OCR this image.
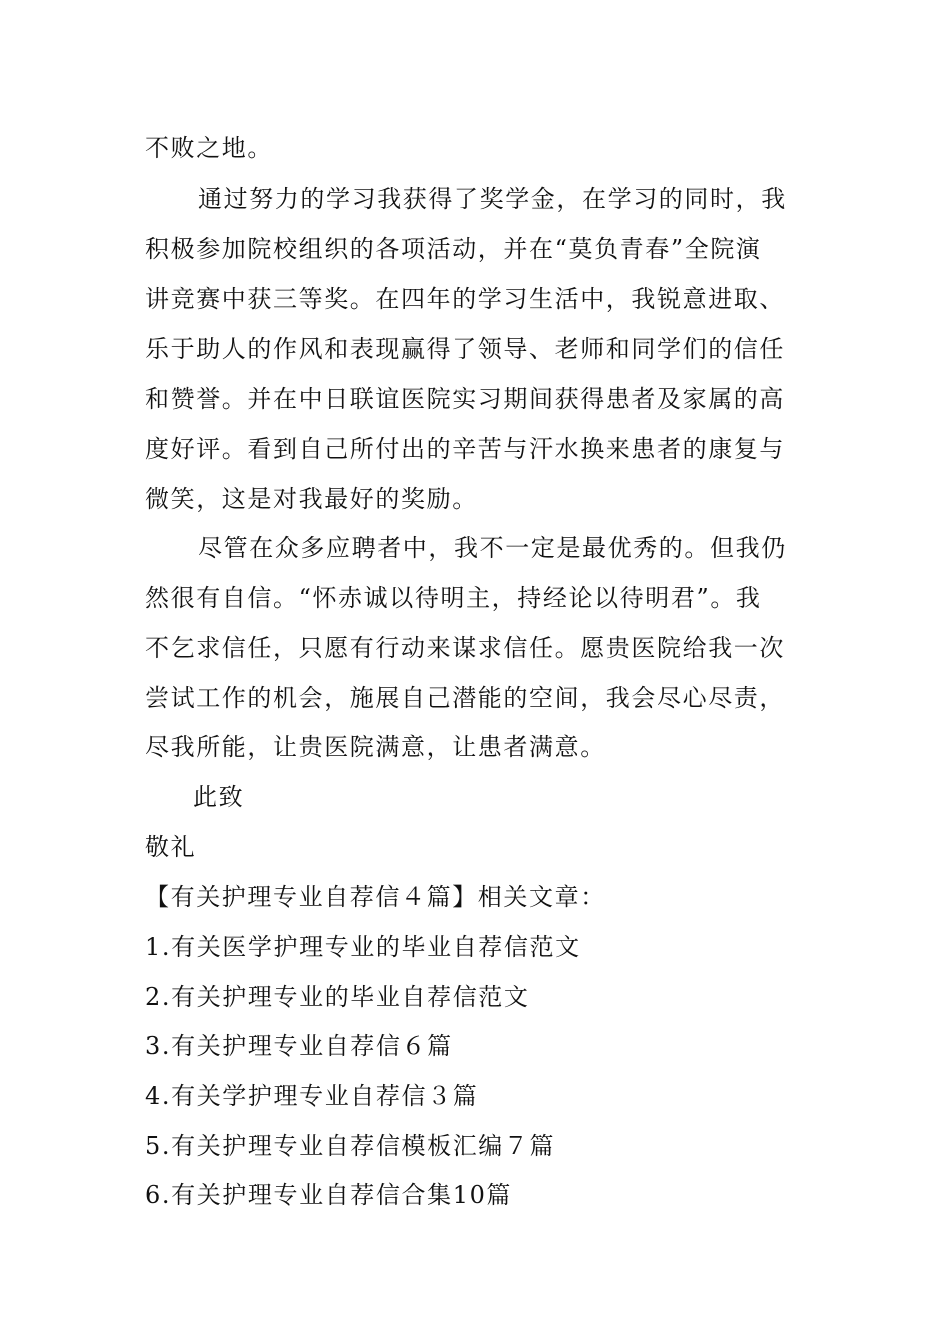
不败之地。
通过努力的学习我获得了奖学金，在学习的同时，我
积极参加院校组织的各项活动，并在“莫负青春”全院演
讲竞赛中获三等奖。在四年的学习生活中，我锐意进取、
乐于助人的作风和表现赢得了领导、老师和同学们的信任
和赞誉。并在中日联谊医院实习期间获得患者及家属的高
度好评。看到自己所付出的辛苦与汗水换来患者的康复与
微笑，这是对我最好的奖励。
尽管在众多应聘者中，我不一定是最优秀的。但我仍
然很有自信。“怀赤诚以待明主，持经论以待明君”。我
不乞求信任，只愿有行动来谋求信任。愿贵医院给我一次
尝试工作的机会，施展自己潜能的空间，我会尽心尽责，
尽我所能，让贵医院满意，让患者满意。
此致
敬礼
【有关护理专业自荐信４篇】相关文章：
1.有关医学护理专业的毕业自荐信范文
2.有关护理专业的毕业自荐信范文
3.有关护理专业自荐信６篇
4.有关学护理专业自荐信３篇
5.有关护理专业自荐信模板汇编７篇
6.有关护理专业自荐信合集10篇
